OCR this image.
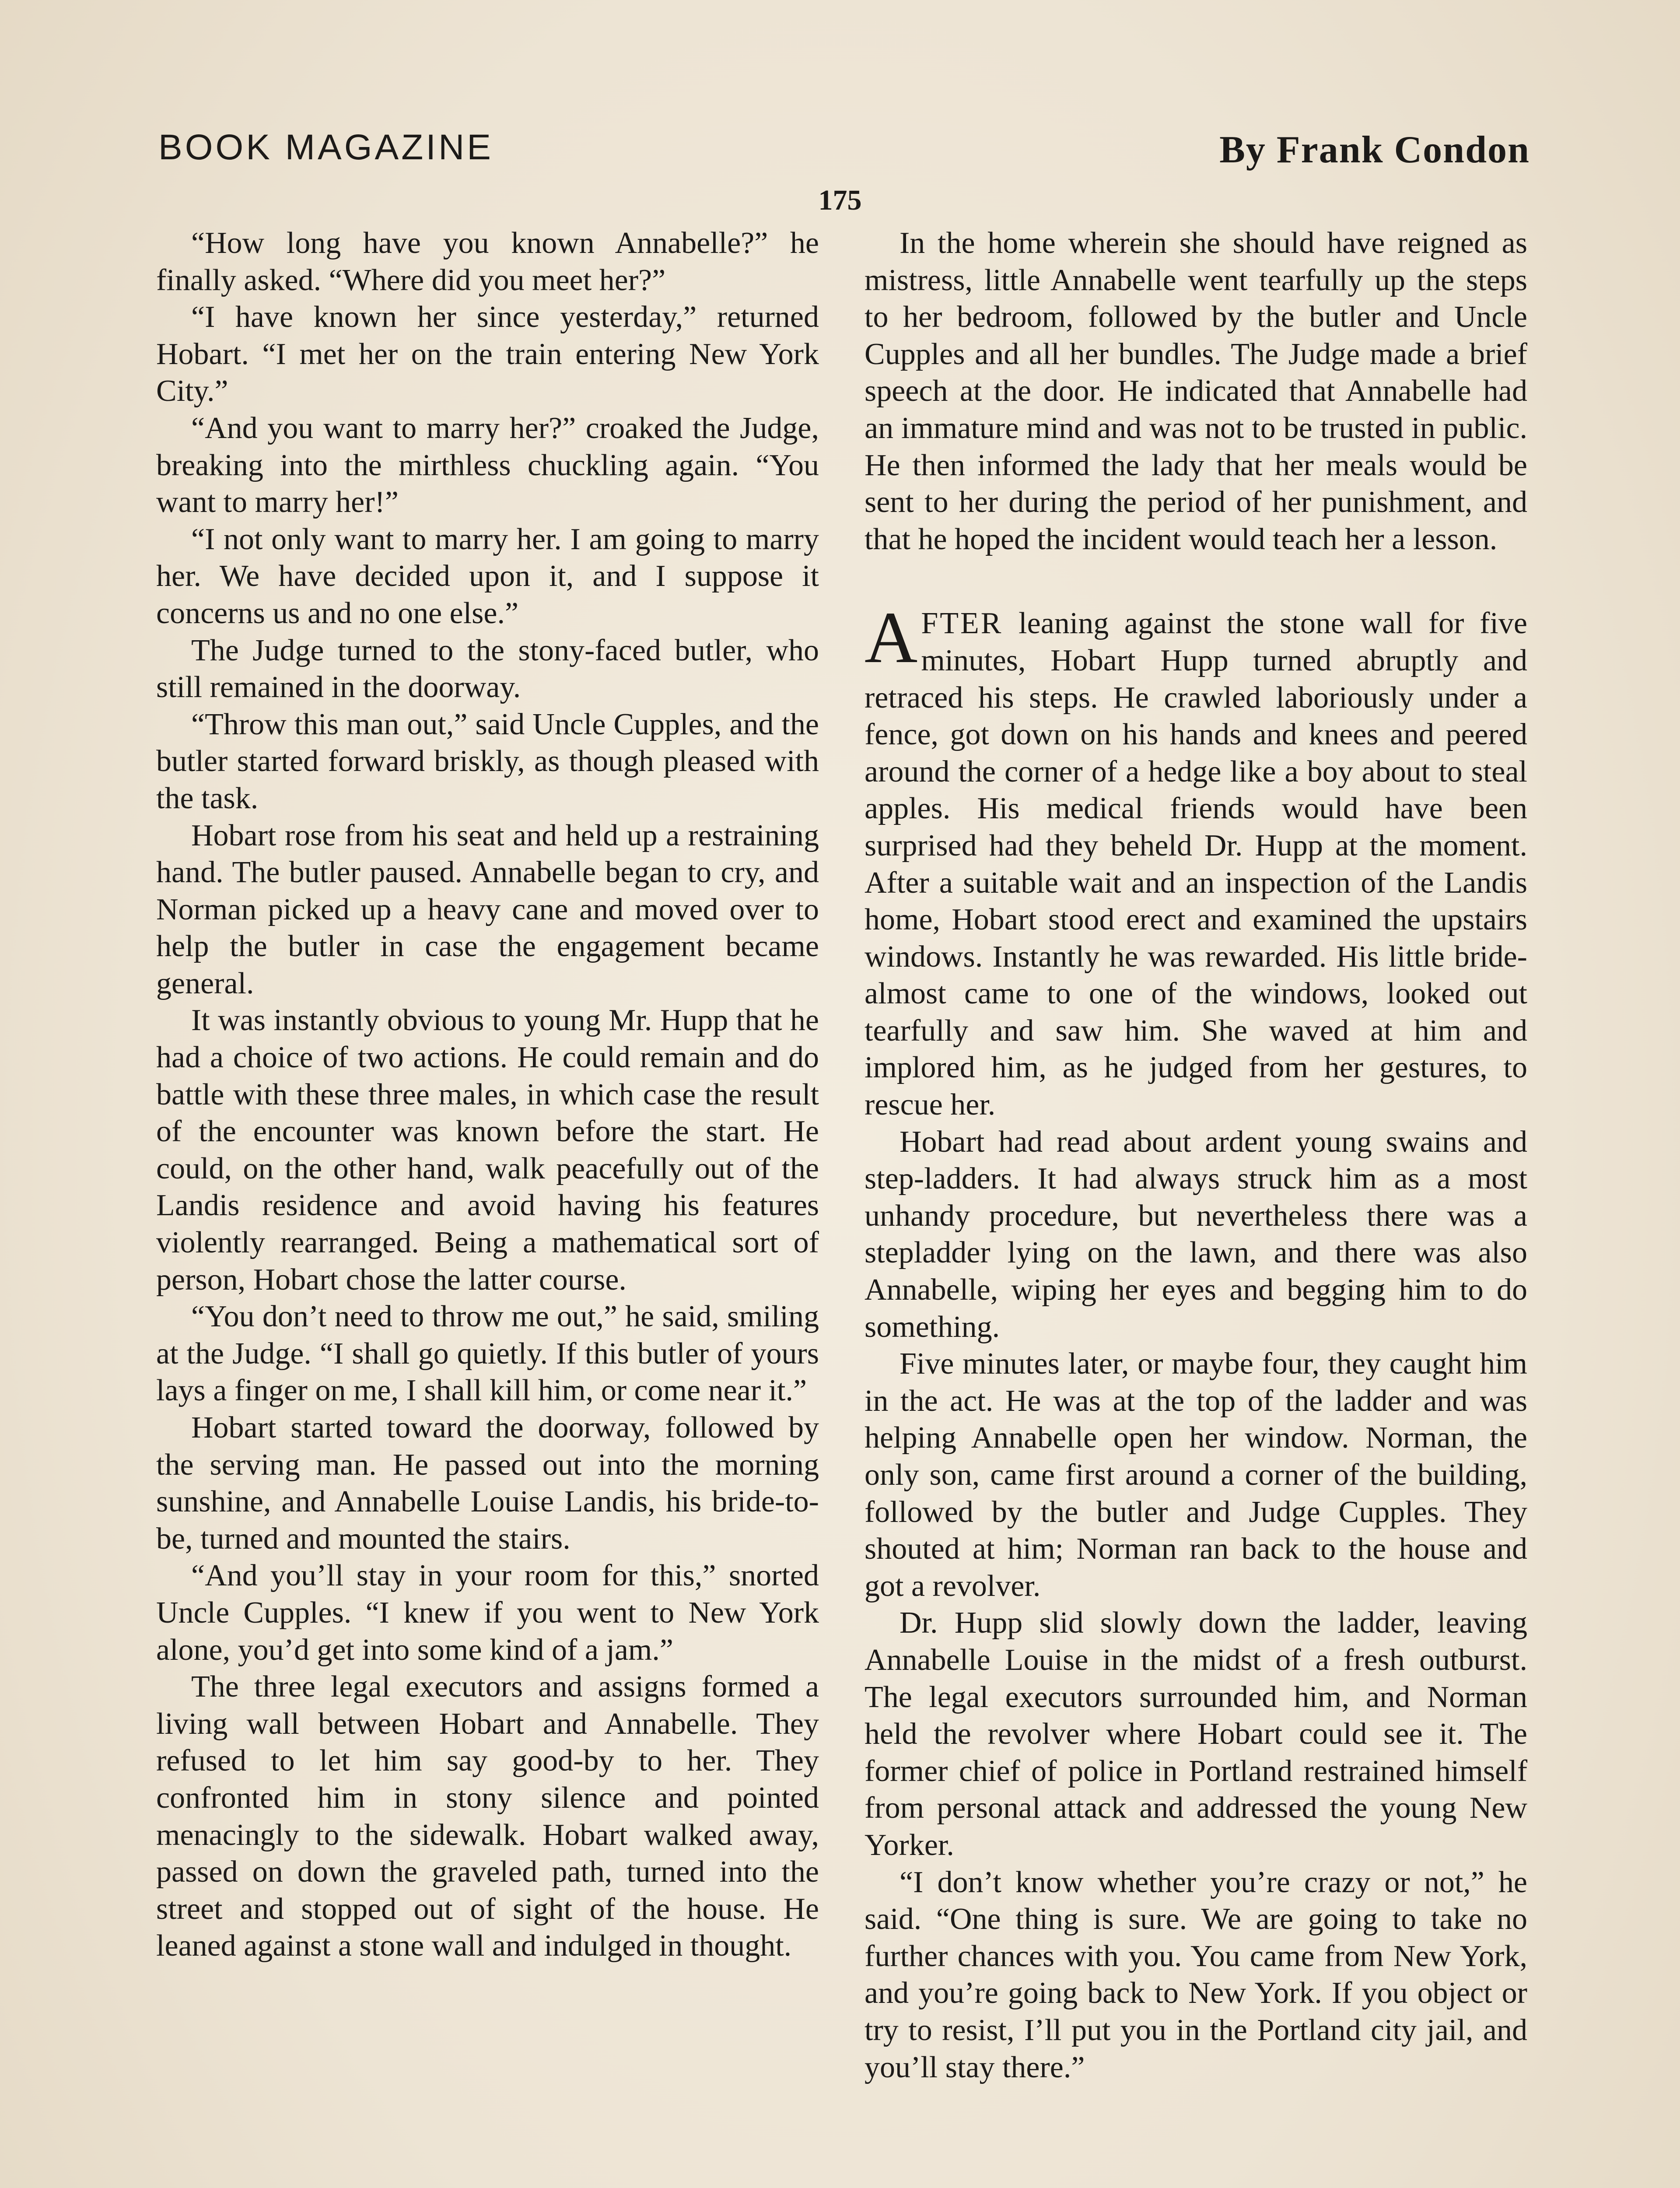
BOOK MAGAZINE	By Frank Condon
175

“How long have you known Annabelle?” he finally asked. “Where did you meet her?”

“I have known her since yesterday,” returned Hobart. “I met her on the train entering New York City.”

“And you want to marry her?” croaked the Judge, breaking into the mirthless chuckling again. “You want to marry her!”

“I not only want to marry her. I am going to marry her. We have decided upon it, and I suppose it concerns us and no one else.”

The Judge turned to the stony-faced butler, who still remained in the doorway.

“Throw this man out,” said Uncle Cupples, and the butler started forward briskly, as though pleased with the task.

Hobart rose from his seat and held up a restraining hand. The butler paused. Annabelle began to cry, and Norman picked up a heavy cane and moved over to help the butler in case the engagement became general.

It was instantly obvious to young Mr. Hupp that he had a choice of two actions. He could remain and do battle with these three males, in which case the result of the encounter was known before the start. He could, on the other hand, walk peacefully out of the Landis residence and avoid having his features violently rearranged. Being a mathematical sort of person, Hobart chose the latter course.

“You don’t need to throw me out,” he said, smiling at the Judge. “I shall go quietly. If this butler of yours lays a finger on me, I shall kill him, or come near it.”

Hobart started toward the doorway, followed by the serving man. He passed out into the morning sunshine, and Annabelle Louise Landis, his bride-to-be, turned and mounted the stairs.

“And you’ll stay in your room for this,” snorted Uncle Cupples. “I knew if you went to New York alone, you’d get into some kind of a jam.”

The three legal executors and assigns formed a living wall between Hobart and Annabelle. They refused to let him say good-by to her. They confronted him in stony silence and pointed menacingly to the sidewalk. Hobart walked away, passed on down the graveled path, turned into the street and stopped out of sight of the house. He leaned against a stone wall and indulged in thought.

In the home wherein she should have reigned as mistress, little Annabelle went tearfully up the steps to her bedroom, followed by the butler and Uncle Cupples and all her bundles. The Judge made a brief speech at the door. He indicated that Annabelle had an immature mind and was not to be trusted in public. He then informed the lady that her meals would be sent to her during the period of her punishment, and that he hoped the incident would teach her a lesson.

AFTER leaning against the stone wall for five minutes, Hobart Hupp turned abruptly and retraced his steps. He crawled laboriously under a fence, got down on his hands and knees and peered around the corner of a hedge like a boy about to steal apples. His medical friends would have been surprised had they beheld Dr. Hupp at the moment. After a suitable wait and an inspection of the Landis home, Hobart stood erect and examined the upstairs windows. Instantly he was rewarded. His little bride-almost came to one of the windows, looked out tearfully and saw him. She waved at him and implored him, as he judged from her gestures, to rescue her.

Hobart had read about ardent young swains and step-ladders. It had always struck him as a most unhandy procedure, but nevertheless there was a stepladder lying on the lawn, and there was also Annabelle, wiping her eyes and begging him to do something.

Five minutes later, or maybe four, they caught him in the act. He was at the top of the ladder and was helping Annabelle open her window. Norman, the only son, came first around a corner of the building, followed by the butler and Judge Cupples. They shouted at him; Norman ran back to the house and got a revolver.

Dr. Hupp slid slowly down the ladder, leaving Annabelle Louise in the midst of a fresh outburst. The legal executors surrounded him, and Norman held the revolver where Hobart could see it. The former chief of police in Portland restrained himself from personal attack and addressed the young New Yorker.

“I don’t know whether you’re crazy or not,” he said. “One thing is sure. We are going to take no further chances with you. You came from New York, and you’re going back to New York. If you object or try to resist, I’ll put you in the Portland city jail, and you’ll stay there.”
